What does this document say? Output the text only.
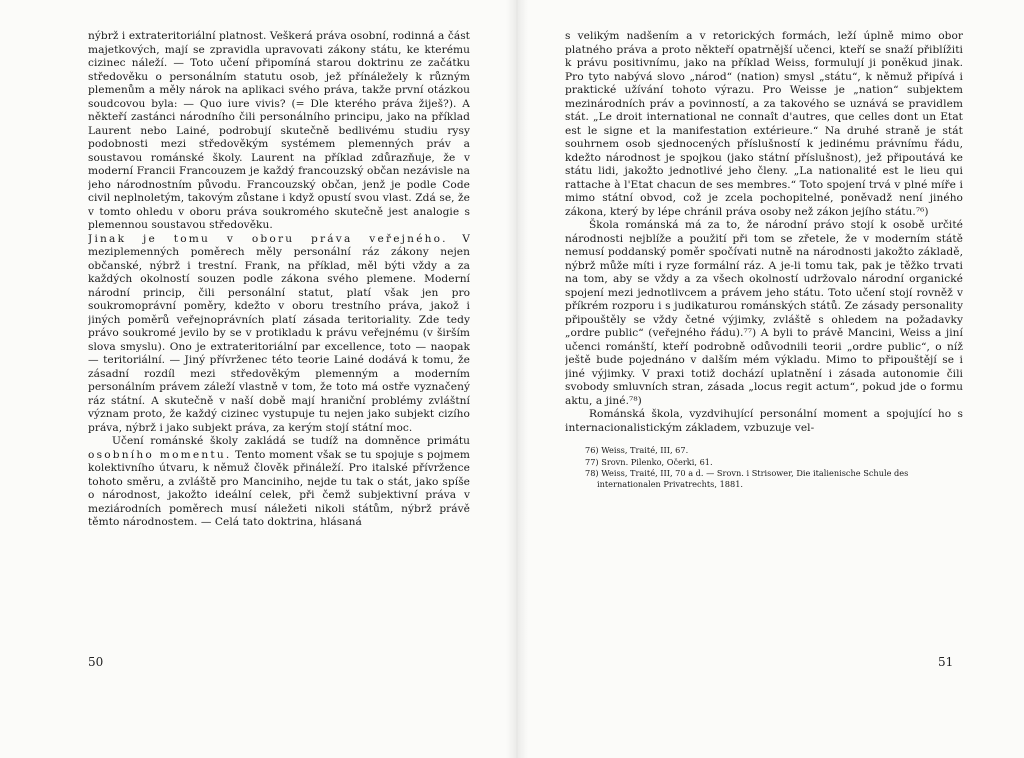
nýbrž i extrateritoriální platnost. Veškerá práva osobní, rodinná a část majetkových, mají se zpravidla upravovati zákony státu, ke kterému cizinec náleží. — Toto učení připomíná starou doktrinu ze začátku středověku o personálním statutu osob, jež přínáležely k různým plemenům a měly nárok na aplikaci svého práva, takže první otázkou soudcovou byla: — Quo iure vivis? (= Dle kterého práva žiješ?). A někteří zastánci národního čili personálního principu, jako na příklad Laurent nebo Lainé, podrobují skutečně bedlivému studiu rysy podobnosti mezi středověkým systémem plemenných práv a soustavou románské školy. Laurent na příklad zdůrazňuje, že v moderní Francii Francouzem je každý francouzský občan nezávisle na jeho národnostním původu. Francouzský občan, jenž je podle Code civil neplnoletým, takovým zůstane i když opustí svou vlast. Zdá se, že v tomto ohledu v oboru práva soukromého skutečně jest analogie s plemennou soustavou středověku.

Jinak je tomu v oboru práva veřejného. V meziplemenných poměrech měly personální ráz zákony nejen občanské, nýbrž i trestní. Frank, na příklad, měl býti vždy a za každých okolností souzen podle zákona svého plemene. Moderní národní princip, čili personální statut, platí však jen pro soukromoprávní poměry, kdežto v oboru trestního práva, jakož i jiných poměrů veřejnoprávních platí zásada teritoriality. Zde tedy právo soukromé jevilo by se v protikladu k právu veřejnému (v širším slova smyslu). Ono je extrateritoriální par excellence, toto — naopak — teritoriální. — Jiný přívrženec této teorie Lainé dodává k tomu, že zásadní rozdíl mezi středověkým plemenným a moderním personálním právem záleží vlastně v tom, že toto má ostře vyznačený ráz státní. A skutečně v naší době mají hraniční problémy zvláštní význam proto, že každý cizinec vystupuje tu nejen jako subjekt cizího práva, nýbrž i jako subjekt práva, za kerým stojí státní moc.

Učení románské školy zakládá se tudíž na domněnce primátu osobního momentu. Tento moment však se tu spojuje s pojmem kolektivního útvaru, k němuž člověk přináleží. Pro italské přívržence tohoto směru, a zvláště pro Manciniho, nejde tu tak o stát, jako spíše o národnost, jakožto ideální celek, při čemž subjektivní práva v meziárodních poměrech musí náležeti nikoli státům, nýbrž právě těmto národnostem. — Celá tato doktrina, hlásaná

50

s velikým nadšením a v retorických formách, leží úplně mimo obor platného práva a proto někteří opatrnější učenci, kteří se snaží přiblížiti k právu positivnímu, jako na příklad Weiss, formulují ji poněkud jinak. Pro tyto nabývá slovo „národ“ (nation) smysl „státu“, k němuž připívá i praktické užívání tohoto výrazu. Pro Weisse je „nation“ subjektem mezinárodních práv a povinností, a za takového se uznává se pravidlem stát. „Le droit international ne connaît d'autres, que celles dont un Etat est le signe et la manifestation extérieure.“ Na druhé straně je stát souhrnem osob sjednocených příslušností k jedinému právnímu řádu, kdežto národnost je spojkou (jako státní příslušnost), jež připoutává ke státu lidi, jakožto jednotlivé jeho členy. „La nationalité est le lieu qui rattache à l'Etat chacun de ses membres.“ Toto spojení trvá v plné míře i mimo státní obvod, což je zcela pochopitelné, poněvadž není jiného zákona, který by lépe chránil práva osoby než zákon jejího státu.⁷⁶)

Škola románská má za to, že národní právo stojí k osobě určité národnosti nejblíže a použití při tom se zřetele, že v moderním státě nemusí poddanský poměr spočívati nutně na národnosti jakožto základě, nýbrž může míti i ryze formální ráz. A je-li tomu tak, pak je těžko trvati na tom, aby se vždy a za všech okolností udržovalo národní organické spojení mezi jednotlivcem a právem jeho státu. Toto učení stojí rovněž v příkrém rozporu i s judikaturou románských států. Ze zásady personality připouštěly se vždy četné výjimky, zvláště s ohledem na požadavky „ordre public“ (veřejného řádu).⁷⁷) A byli to právě Mancini, Weiss a jiní učenci románští, kteří podrobně odůvodnili teorii „ordre public“, o níž ještě bude pojednáno v dalším mém výkladu. Mimo to připouštějí se i jiné výjimky. V praxi totiž dochází uplatnění i zásada autonomie čili svobody smluvních stran, zásada „locus regit actum“, pokud jde o formu aktu, a jiné.⁷⁸)

Románská škola, vyzdvihující personální moment a spojující ho s internacionalistickým základem, vzbuzuje vel-

76) Weiss, Traité, III, 67.

77) Srovn. Pilenko, Očerki, 61.

78) Weiss, Traité, III, 70 a d. — Srovn. i Strisower, Die italienische Schule des internationalen Privatrechts, 1881.

51
